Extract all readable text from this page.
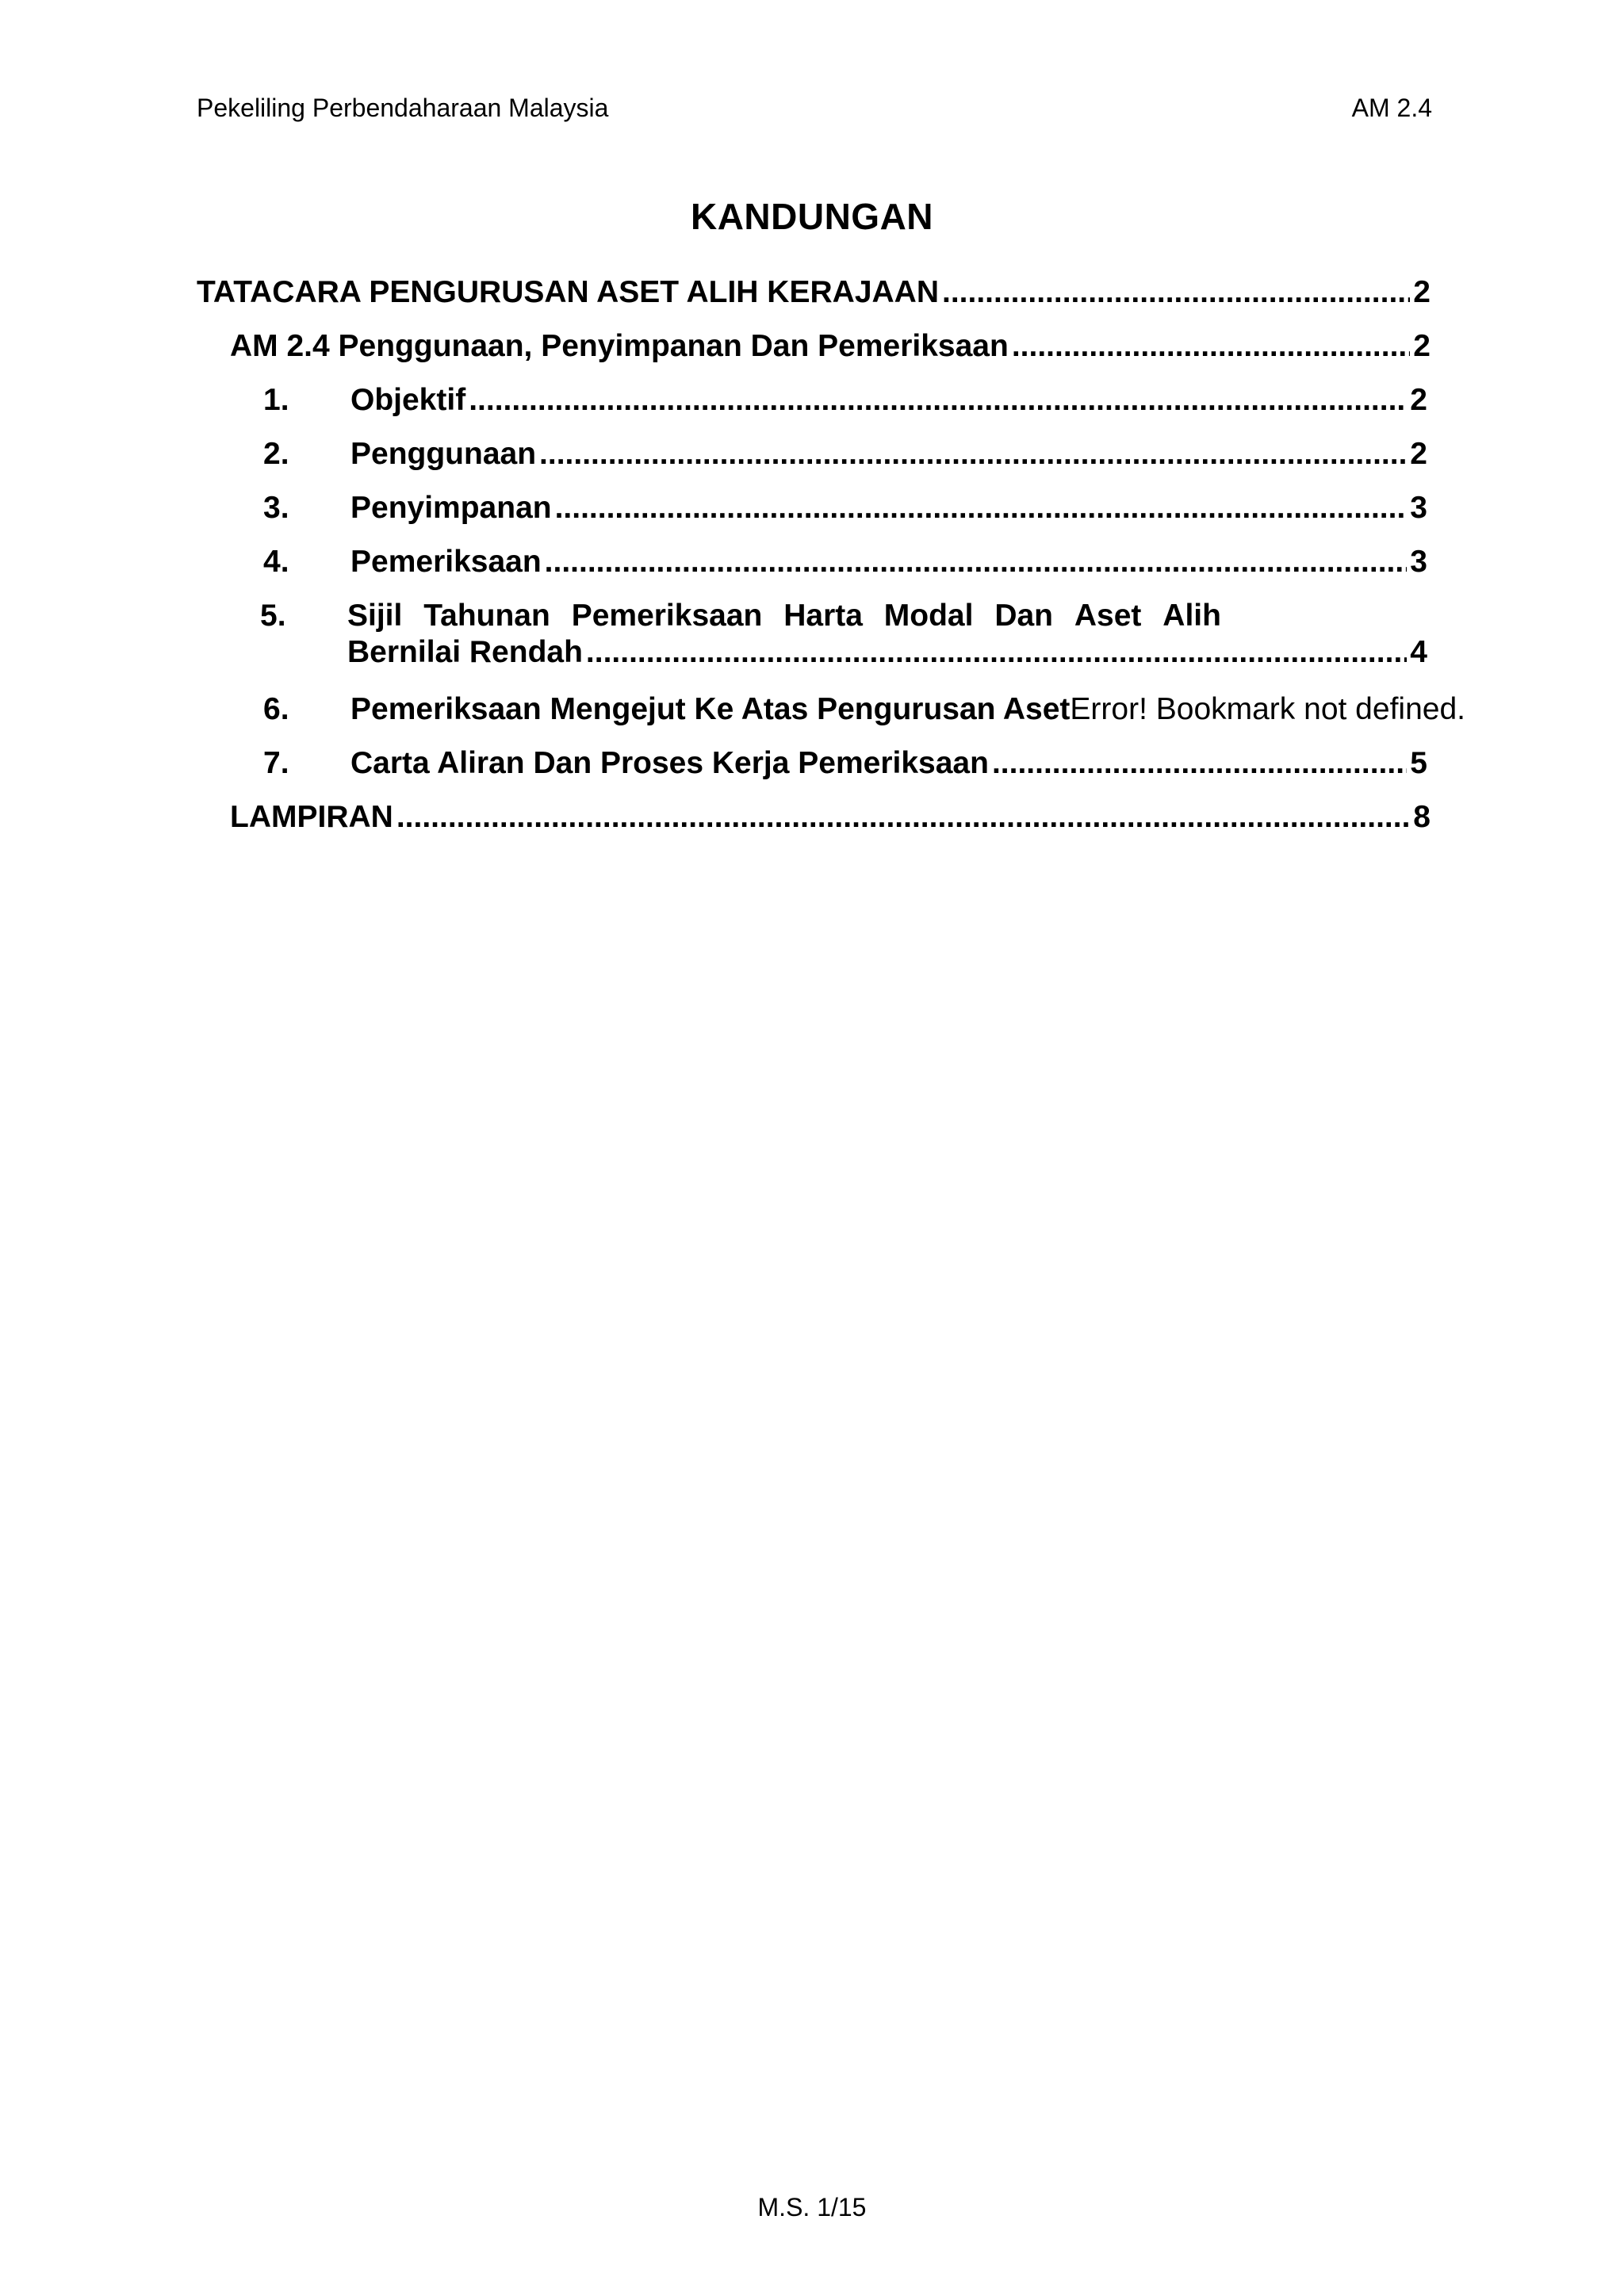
Pekeliling Perbendaharaan Malaysia	AM 2.4
KANDUNGAN
TATACARA PENGURUSAN ASET ALIH KERAJAAN .....	2
AM 2.4 Penggunaan, Penyimpanan Dan Pemeriksaan .....	2
1.	Objektif .....	2
2.	Penggunaan .....	2
3.	Penyimpanan .....	3
4.	Pemeriksaan .....	3
5.	Sijil Tahunan Pemeriksaan Harta Modal Dan Aset Alih
Bernilai Rendah .....	4
6.	Pemeriksaan Mengejut Ke Atas Pengurusan Aset Error! Bookmark not defined.
7.	Carta Aliran Dan Proses Kerja Pemeriksaan .....	5
LAMPIRAN .....	8
M.S. 1/15
